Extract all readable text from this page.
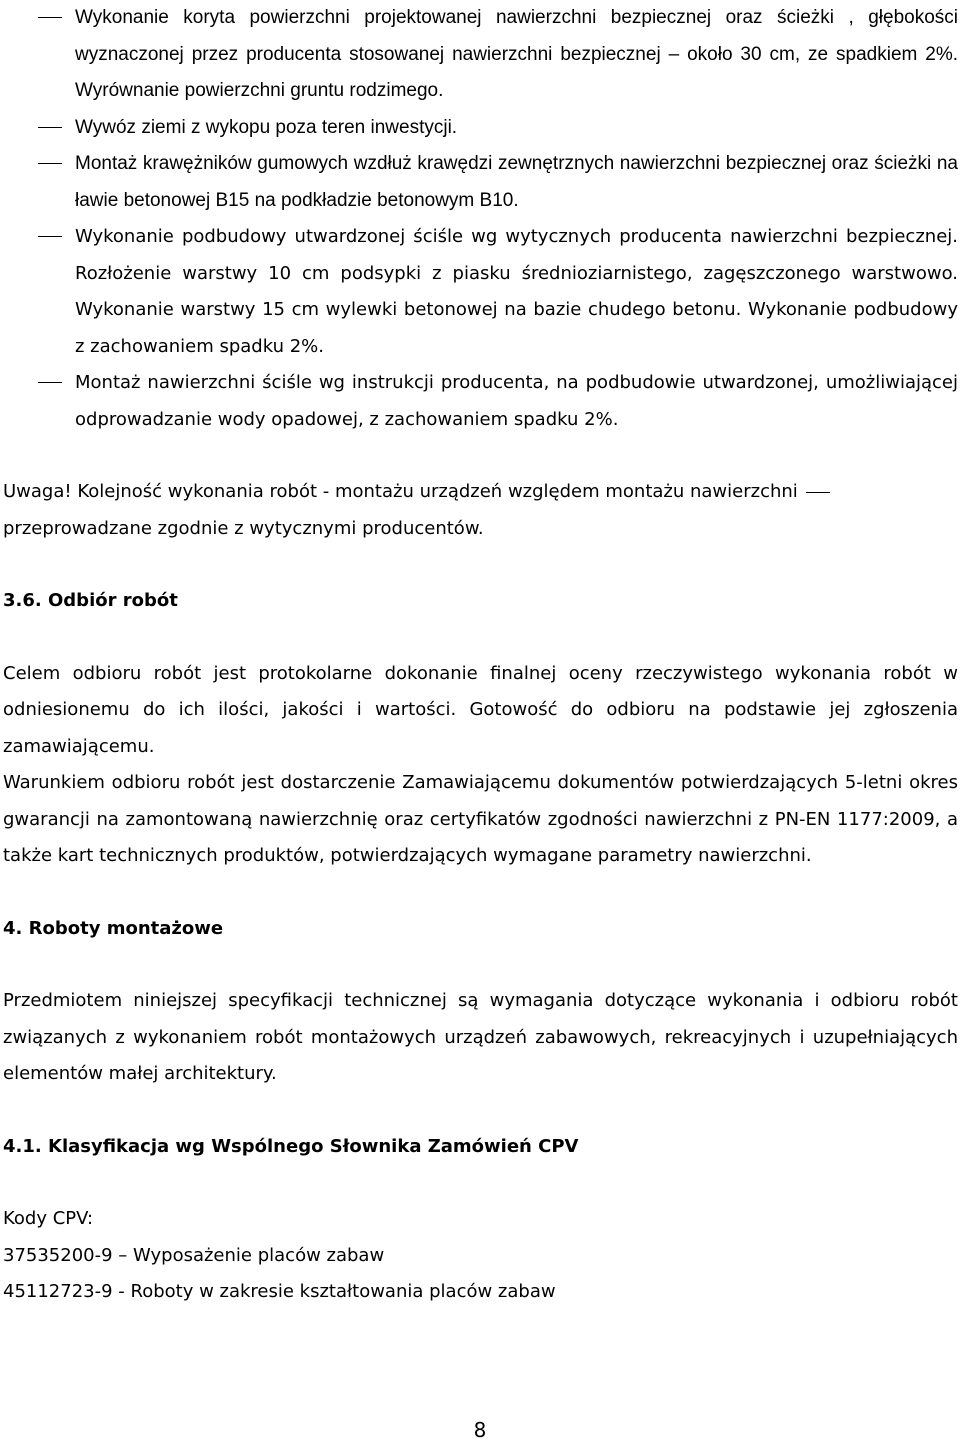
Wykonanie koryta powierzchni projektowanej nawierzchni bezpiecznej oraz ścieżki , głębokości wyznaczonej przez producenta stosowanej nawierzchni bezpiecznej – około 30 cm, ze spadkiem 2%. Wyrównanie powierzchni gruntu rodzimego.
Wywóz ziemi z wykopu poza teren inwestycji.
Montaż krawężników gumowych wzdłuż krawędzi zewnętrznych nawierzchni bezpiecznej oraz ścieżki na ławie betonowej B15 na podkładzie betonowym B10.
Wykonanie podbudowy utwardzonej ściśle wg wytycznych producenta nawierzchni bezpiecznej. Rozłożenie warstwy 10 cm podsypki z piasku średnioziarnistego, zagęszczonego warstwowo. Wykonanie warstwy 15 cm wylewki betonowej na bazie chudego betonu. Wykonanie podbudowy z zachowaniem spadku 2%.
Montaż nawierzchni ściśle wg instrukcji producenta, na podbudowie utwardzonej, umożliwiającej odprowadzanie wody opadowej, z zachowaniem spadku 2%.

Uwaga! Kolejność wykonania robót - montażu urządzeń względem montażu nawierzchni
przeprowadzane zgodnie z wytycznymi producentów.

3.6. Odbiór robót

Celem odbioru robót jest protokolarne dokonanie finalnej oceny rzeczywistego wykonania robót w odniesionemu do ich ilości, jakości i wartości. Gotowość do odbioru na podstawie jej zgłoszenia zamawiającemu.

Warunkiem odbioru robót jest dostarczenie Zamawiającemu dokumentów potwierdzających 5-letni okres gwarancji na zamontowaną nawierzchnię oraz certyfikatów zgodności nawierzchni z PN-EN 1177:2009, a także kart technicznych produktów, potwierdzających wymagane parametry nawierzchni.

4. Roboty montażowe

Przedmiotem niniejszej specyfikacji technicznej są wymagania dotyczące wykonania i odbioru robót związanych z wykonaniem robót montażowych urządzeń zabawowych, rekreacyjnych i uzupełniających elementów małej architektury.

4.1. Klasyfikacja wg Wspólnego Słownika Zamówień CPV

Kody CPV:

37535200-9 – Wyposażenie placów zabaw

45112723-9 - Roboty w zakresie kształtowania placów zabaw

8
